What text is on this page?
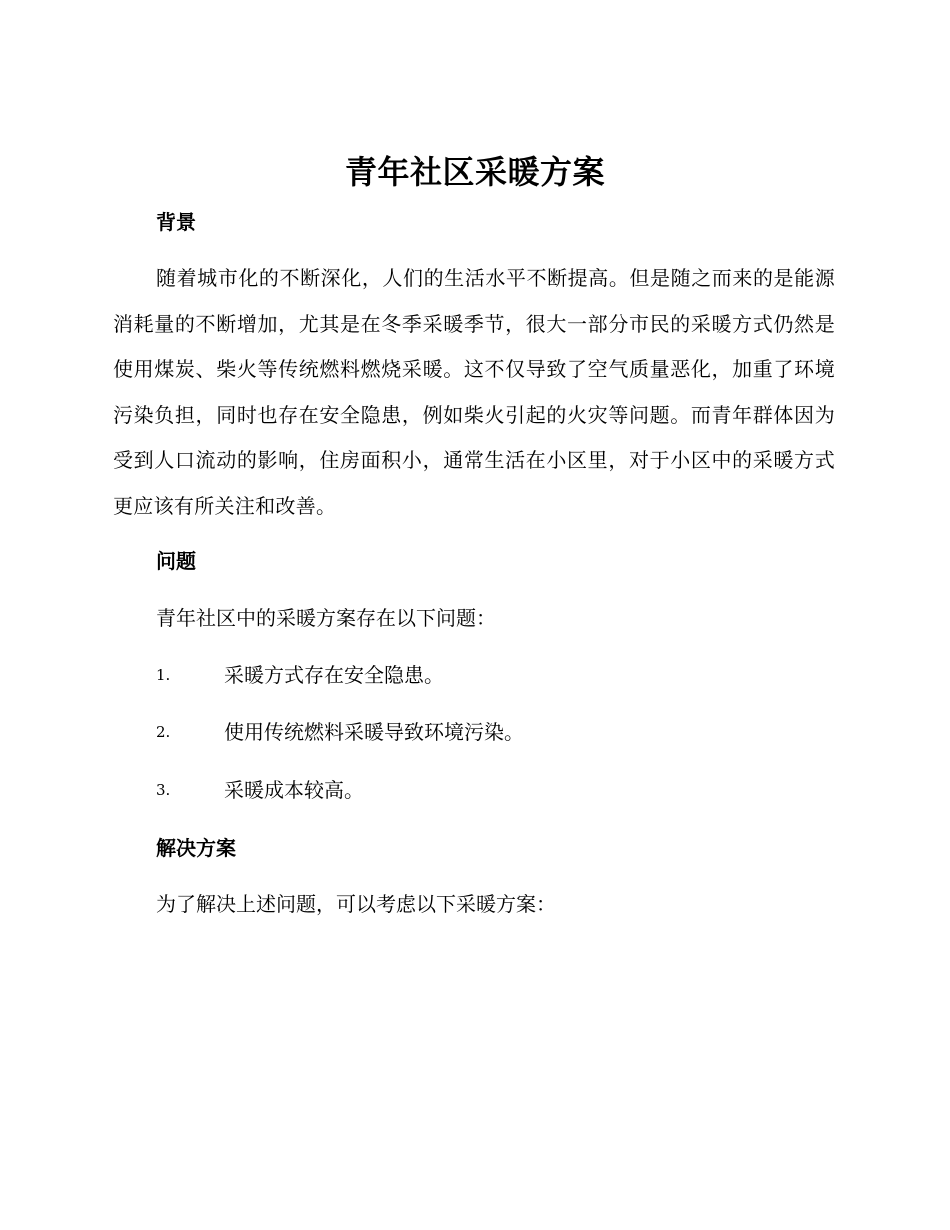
青年社区采暖方案
背景

随着城市化的不断深化，人们的生活水平不断提高。但是随之而来的是能源消耗量的不断增加，尤其是在冬季采暖季节，很大一部分市民的采暖方式仍然是使用煤炭、柴火等传统燃料燃烧采暖。这不仅导致了空气质量恶化，加重了环境污染负担，同时也存在安全隐患，例如柴火引起的火灾等问题。而青年群体因为受到人口流动的影响，住房面积小，通常生活在小区里，对于小区中的采暖方式更应该有所关注和改善。

问题

青年社区中的采暖方案存在以下问题：

1.	采暖方式存在安全隐患。
2.	使用传统燃料采暖导致环境污染。
3.	采暖成本较高。
解决方案

为了解决上述问题，可以考虑以下采暖方案：
